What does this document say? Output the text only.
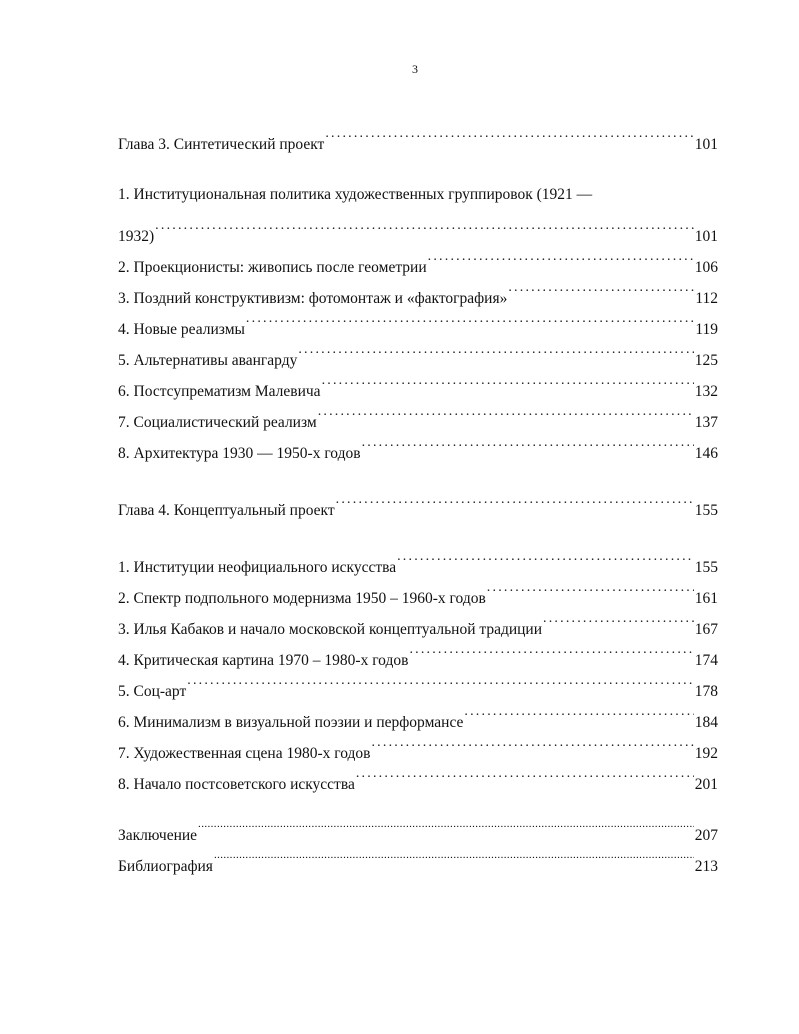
3
Глава 3. Синтетический проект .....	101
1. Институциональная политика художественных группировок (1921 —
1932) .....	101
2. Проекционисты: живопись после геометрии .....	106
3. Поздний конструктивизм: фотомонтаж и «фактография» .....	112
4. Новые реализмы .....	119
5. Альтернативы авангарду .....	125
6. Постсупрематизм Малевича .....	132
7. Социалистический реализм .....	137
8. Архитектура 1930 — 1950-х годов .....	146
Глава 4. Концептуальный проект .....	155
1. Институции неофициального искусства .....	155
2. Спектр подпольного модернизма 1950 – 1960-х годов .....	161
3. Илья Кабаков и начало московской концептуальной традиции .....	167
4. Критическая картина 1970 – 1980-х годов .....	174
5. Соц-арт .....	178
6. Минимализм в визуальной поэзии и перформансе .....	184
7. Художественная сцена 1980-х годов .....	192
8. Начало постсоветского искусства .....	201
Заключение .....	207
Библиография .....	213
